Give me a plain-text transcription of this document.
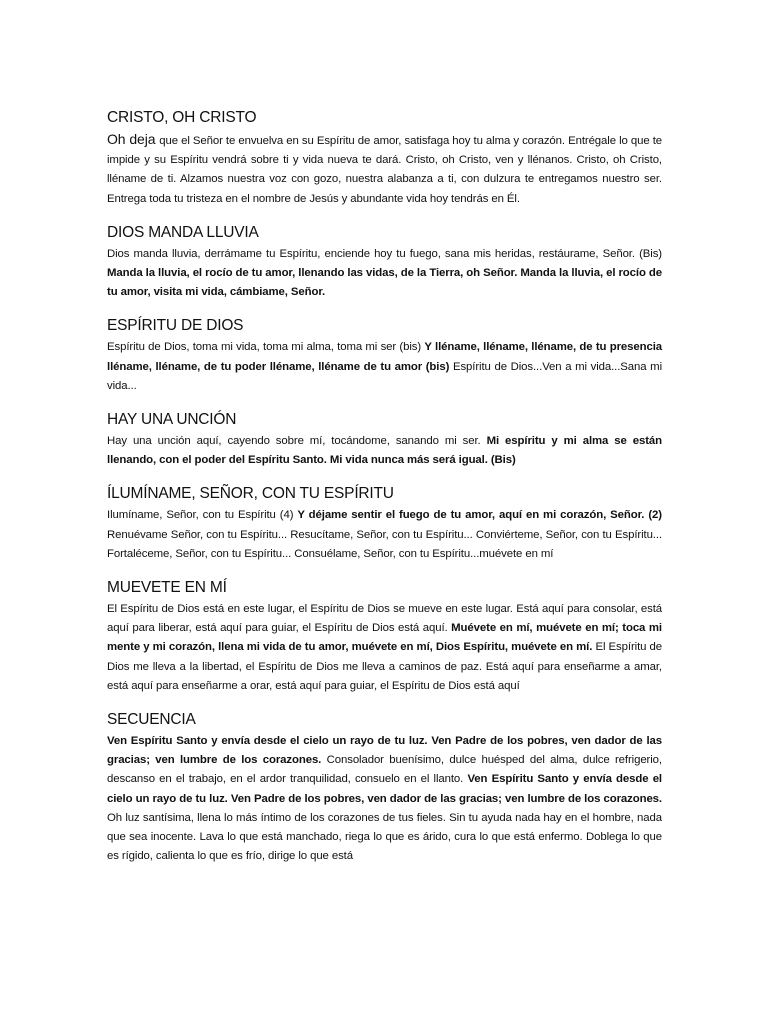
CRISTO, OH CRISTO

Oh deja que el Señor te envuelva en su Espíritu de amor, satisfaga hoy tu alma y corazón. Entrégale lo que te impide y su Espíritu vendrá sobre ti y vida nueva te dará. Cristo, oh Cristo, ven y llénanos. Cristo, oh Cristo, lléname de ti. Alzamos nuestra voz con gozo, nuestra alabanza a ti, con dulzura te entregamos nuestro ser. Entrega toda tu tristeza en el nombre de Jesús y abundante vida hoy tendrás en Él.

DIOS MANDA LLUVIA

Dios manda lluvia, derrámame tu Espíritu, enciende hoy tu fuego, sana mis heridas, restáurame, Señor. (Bis) Manda la lluvia, el rocío de tu amor, llenando las vidas, de la Tierra, oh Señor. Manda la lluvia, el rocío de tu amor, visita mi vida, cámbiame, Señor.

ESPÍRITU DE DIOS

Espíritu de Dios, toma mi vida, toma mi alma, toma mi ser (bis) Y lléname, lléname, lléname, de tu presencia lléname, lléname, de tu poder lléname, lléname de tu amor (bis) Espíritu de Dios...Ven a mi vida...Sana mi vida...

HAY UNA UNCIÓN

Hay una unción aquí, cayendo sobre mí, tocándome, sanando mi ser. Mi espíritu y mi alma se están llenando, con el poder del Espíritu Santo. Mi vida nunca más será igual. (Bis)

ÍLUMÍNAME, SEÑOR, CON TU ESPÍRITU

Ilumíname, Señor, con tu Espíritu (4) Y déjame sentir el fuego de tu amor, aquí en mi corazón, Señor. (2) Renuévame Señor, con tu Espíritu... Resucítame, Señor, con tu Espíritu... Conviérteme, Señor, con tu Espíritu... Fortaléceme, Señor, con tu Espíritu... Consuélame, Señor, con tu Espíritu...muévete en mí

MUEVETE EN MÍ

El Espíritu de Dios está en este lugar, el Espíritu de Dios se mueve en este lugar. Está aquí para consolar, está aquí para liberar, está aquí para guiar, el Espíritu de Dios está aquí. Muévete en mí, muévete en mí; toca mi mente y mi corazón, llena mi vida de tu amor, muévete en mí, Dios Espíritu, muévete en mí. El Espíritu de Dios me lleva a la libertad, el Espíritu de Dios me lleva a caminos de paz. Está aquí para enseñarme a amar, está aquí para enseñarme a orar, está aquí para guiar, el Espíritu de Dios está aquí

SECUENCIA

Ven Espíritu Santo y envía desde el cielo un rayo de tu luz. Ven Padre de los pobres, ven dador de las gracias; ven lumbre de los corazones. Consolador buenísimo, dulce huésped del alma, dulce refrigerio, descanso en el trabajo, en el ardor tranquilidad, consuelo en el llanto. Ven Espíritu Santo y envía desde el cielo un rayo de tu luz. Ven Padre de los pobres, ven dador de las gracias; ven lumbre de los corazones. Oh luz santísima, llena lo más íntimo de los corazones de tus fieles. Sin tu ayuda nada hay en el hombre, nada que sea inocente. Lava lo que está manchado, riega lo que es árido, cura lo que está enfermo. Doblega lo que es rígido, calienta lo que es frío, dirige lo que está
